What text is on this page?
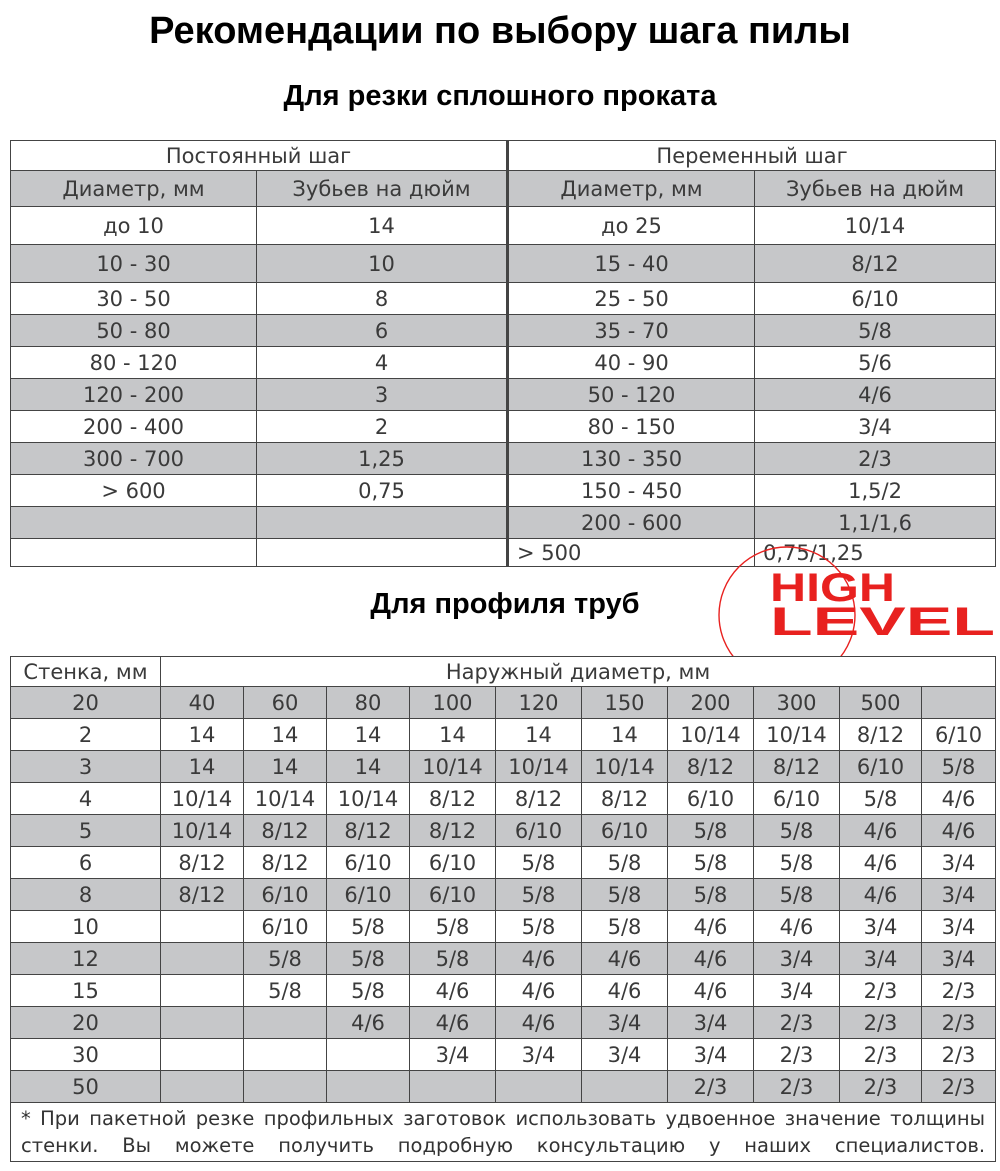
Рекомендации по выбору шага пилы
Для резки сплошного проката
Постоянный шаг		Переменный шаг	
Диаметр, мм	Зубьев на дюйм	Диаметр, мм	Зубьев на дюйм
до 10	14	до 25	10/14
10 - 30	10	15 - 40	8/12
30 - 50	8	25 - 50	6/10
50 - 80	6	35 - 70	5/8
80 - 120	4	40 - 90	5/6
120 - 200	3	50 - 120	4/6
200 - 400	2	80 - 150	3/4
300 - 700	1,25	130 - 350	2/3
> 600	0,75	150 - 450	1,5/2
		200 - 600	1,1/1,6
		> 500	0,75/1,25
Для профиля труб	HIGH
LEVEL
Стенка, мм	Наружный диаметр, мм									
20	40	60	80	100	120	150	200	300	500	
2	14	14	14	14	14	14	10/14	10/14	8/12	6/10
3	14	14	14	10/14	10/14	10/14	8/12	8/12	6/10	5/8
4	10/14	10/14	10/14	8/12	8/12	8/12	6/10	6/10	5/8	4/6
5	10/14	8/12	8/12	8/12	6/10	6/10	5/8	5/8	4/6	4/6
6	8/12	8/12	6/10	6/10	5/8	5/8	5/8	5/8	4/6	3/4
8	8/12	6/10	6/10	6/10	5/8	5/8	5/8	5/8	4/6	3/4
10		6/10	5/8	5/8	5/8	5/8	4/6	4/6	3/4	3/4
12		5/8	5/8	5/8	4/6	4/6	4/6	3/4	3/4	3/4
15		5/8	5/8	4/6	4/6	4/6	4/6	3/4	2/3	2/3
20			4/6	4/6	4/6	3/4	3/4	2/3	2/3	2/3
30				3/4	3/4	3/4	3/4	2/3	2/3	2/3
50							2/3	2/3	2/3	2/3
* При пакетной резке профильных заготовок использовать удвоенное значение толщины стенки. Вы можете получить подробную консультацию у наших специалистов.										
